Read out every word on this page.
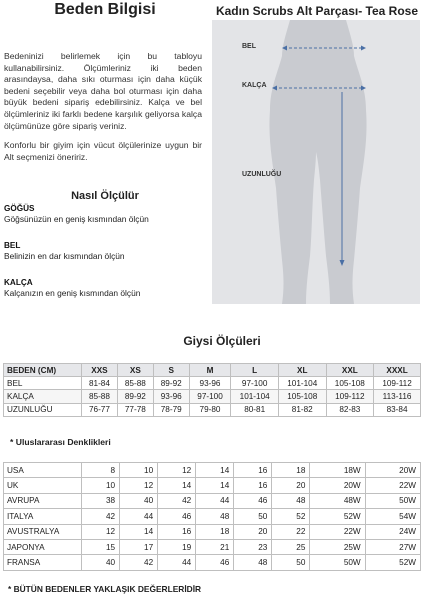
Beden Bilgisi	Kadın Scrubs Alt Parçası- Tea Rose

Bedeninizi belirlemek için bu tabloyu kullanabilirsiniz. Ölçümleriniz iki beden arasındaysa, daha sıkı oturması için daha küçük bedeni seçebilir veya daha bol oturması için daha büyük bedeni sipariş edebilirsiniz. Kalça ve bel ölçümleriniz iki farklı bedene karşılık geliyorsa kalça ölçümünüze göre sipariş veriniz.

Konforlu bir giyim için vücut ölçülerinize uygun bir Alt seçmenizi öneririz.

Nasıl Ölçülür
GÖĞÜS
Göğsünüzün en geniş kısmından ölçün
BEL
Belinizin en dar kısmından ölçün
KALÇA
Kalçanızın en geniş kısmından ölçün
BEL
KALÇA
UZUNLUĞU
Giysi Ölçüleri
BEDEN (CM)	XXS	XS	S	M	L	XL	XXL	XXXL
BEL	81-84	85-88	89-92	93-96	97-100	101-104	105-108	109-112
KALÇA	85-88	89-92	93-96	97-100	101-104	105-108	109-112	113-116
UZUNLUĞU	76-77	77-78	78-79	79-80	80-81	81-82	82-83	83-84
* Uluslararası Denklikleri
USA	8	10	12	14	16	18	18W	20W
UK	10	12	14	14	16	20	20W	22W
AVRUPA	38	40	42	44	46	48	48W	50W
ITALYA	42	44	46	48	50	52	52W	54W
AVUSTRALYA	12	14	16	18	20	22	22W	24W
JAPONYA	15	17	19	21	23	25	25W	27W
FRANSA	40	42	44	46	48	50	50W	52W
* BÜTÜN BEDENLER YAKLAŞIK DEĞERLERİDİR
